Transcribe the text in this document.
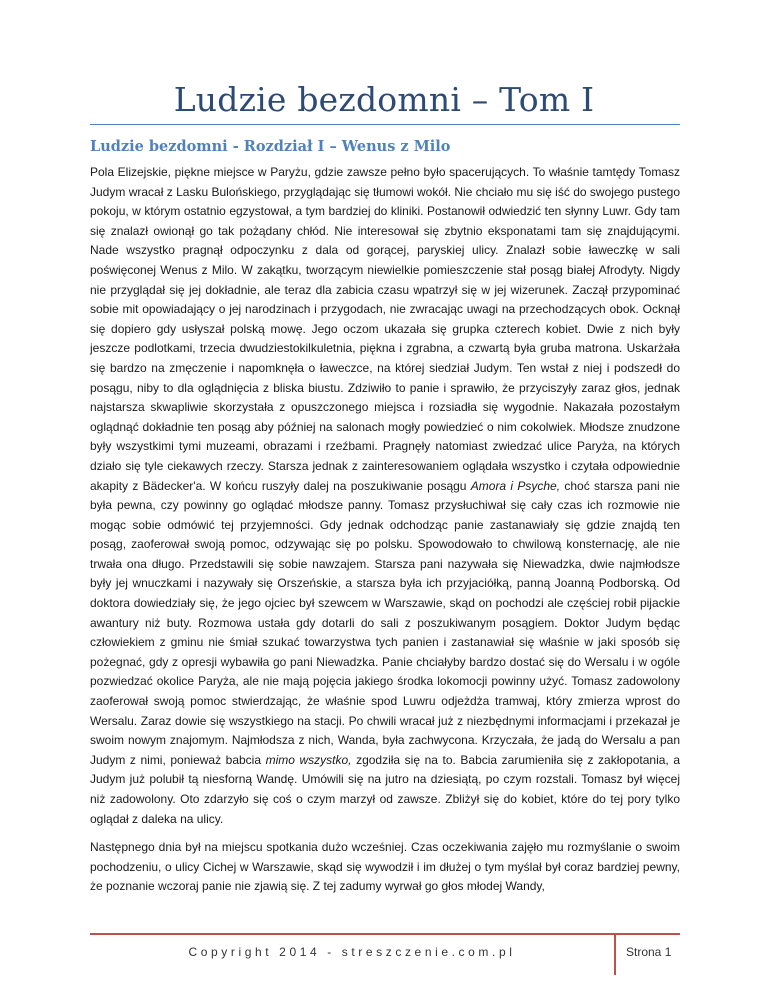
Ludzie bezdomni – Tom I
Ludzie bezdomni - Rozdział I – Wenus z Milo

Pola Elizejskie, piękne miejsce w Paryżu, gdzie zawsze pełno było spacerujących. To właśnie tamtędy Tomasz Judym wracał z Lasku Bulońskiego, przyglądając się tłumowi wokół. Nie chciało mu się iść do swojego pustego pokoju, w którym ostatnio egzystował, a tym bardziej do kliniki. Postanowił odwiedzić ten słynny Luwr. Gdy tam się znalazł owionął go tak pożądany chłód. Nie interesował się zbytnio eksponatami tam się znajdującymi. Nade wszystko pragnął odpoczynku z dala od gorącej, paryskiej ulicy. Znalazł sobie ławeczkę w sali poświęconej Wenus z Milo. W zakątku, tworzącym niewielkie pomieszczenie stał posąg białej Afrodyty. Nigdy nie przyglądał się jej dokładnie, ale teraz dla zabicia czasu wpatrzył się w jej wizerunek. Zaczął przypominać sobie mit opowiadający o jej narodzinach i przygodach, nie zwracając uwagi na przechodzących obok. Ocknął się dopiero gdy usłyszał polską mowę. Jego oczom ukazała się grupka czterech kobiet. Dwie z nich były jeszcze podlotkami, trzecia dwudziestokilkuletnia, piękna i zgrabna, a czwartą była gruba matrona. Uskarżała się bardzo na zmęczenie i napomknęła o ławeczce, na której siedział Judym. Ten wstał z niej i podszedł do posągu, niby to dla oglądnięcia z bliska biustu. Zdziwiło to panie i sprawiło, że przyciszyły zaraz głos, jednak najstarsza skwapliwie skorzystała z opuszczonego miejsca i rozsiadła się wygodnie. Nakazała pozostałym oglądnąć dokładnie ten posąg aby później na salonach mogły powiedzieć o nim cokolwiek. Młodsze znudzone były wszystkimi tymi muzeami, obrazami i rzeźbami. Pragnęły natomiast zwiedzać ulice Paryża, na których działo się tyle ciekawych rzeczy. Starsza jednak z zainteresowaniem oglądała wszystko i czytała odpowiednie akapity z Bädecker'a. W końcu ruszyły dalej na poszukiwanie posągu Amora i Psyche, choć starsza pani nie była pewna, czy powinny go oglądać młodsze panny. Tomasz przysłuchiwał się cały czas ich rozmowie nie mogąc sobie odmówić tej przyjemności. Gdy jednak odchodząc panie zastanawiały się gdzie znajdą ten posąg, zaoferował swoją pomoc, odzywając się po polsku. Spowodowało to chwilową konsternację, ale nie trwała ona długo. Przedstawili się sobie nawzajem. Starsza pani nazywała się Niewadzka, dwie najmłodsze były jej wnuczkami i nazywały się Orszeńskie, a starsza była ich przyjaciółką, panną Joanną Podborską. Od doktora dowiedziały się, że jego ojciec był szewcem w Warszawie, skąd on pochodzi ale częściej robił pijackie awantury niż buty. Rozmowa ustała gdy dotarli do sali z poszukiwanym posągiem. Doktor Judym będąc człowiekiem z gminu nie śmiał szukać towarzystwa tych panien i zastanawiał się właśnie w jaki sposób się pożegnać, gdy z opresji wybawiła go pani Niewadzka. Panie chciałyby bardzo dostać się do Wersalu i w ogóle pozwiedzać okolice Paryża, ale nie mają pojęcia jakiego środka lokomocji powinny użyć. Tomasz zadowolony zaoferował swoją pomoc stwierdzając, że właśnie spod Luwru odjeżdża tramwaj, który zmierza wprost do Wersalu. Zaraz dowie się wszystkiego na stacji. Po chwili wracał już z niezbędnymi informacjami i przekazał je swoim nowym znajomym. Najmłodsza z nich, Wanda, była zachwycona. Krzyczała, że jadą do Wersalu a pan Judym z nimi, ponieważ babcia mimo wszystko, zgodziła się na to. Babcia zarumieniła się z zakłopotania, a Judym już polubił tą niesforną Wandę. Umówili się na jutro na dziesiątą, po czym rozstali. Tomasz był więcej niż zadowolony. Oto zdarzyło się coś o czym marzył od zawsze. Zbliżył się do kobiet, które do tej pory tylko oglądał z daleka na ulicy.

Następnego dnia był na miejscu spotkania dużo wcześniej. Czas oczekiwania zajęło mu rozmyślanie o swoim pochodzeniu, o ulicy Cichej w Warszawie, skąd się wywodził i im dłużej o tym myślał był coraz bardziej pewny, że poznanie wczoraj panie nie zjawią się. Z tej zadumy wyrwał go głos młodej Wandy,

Copyright 2014 - streszczenie.com.pl	Strona 1
